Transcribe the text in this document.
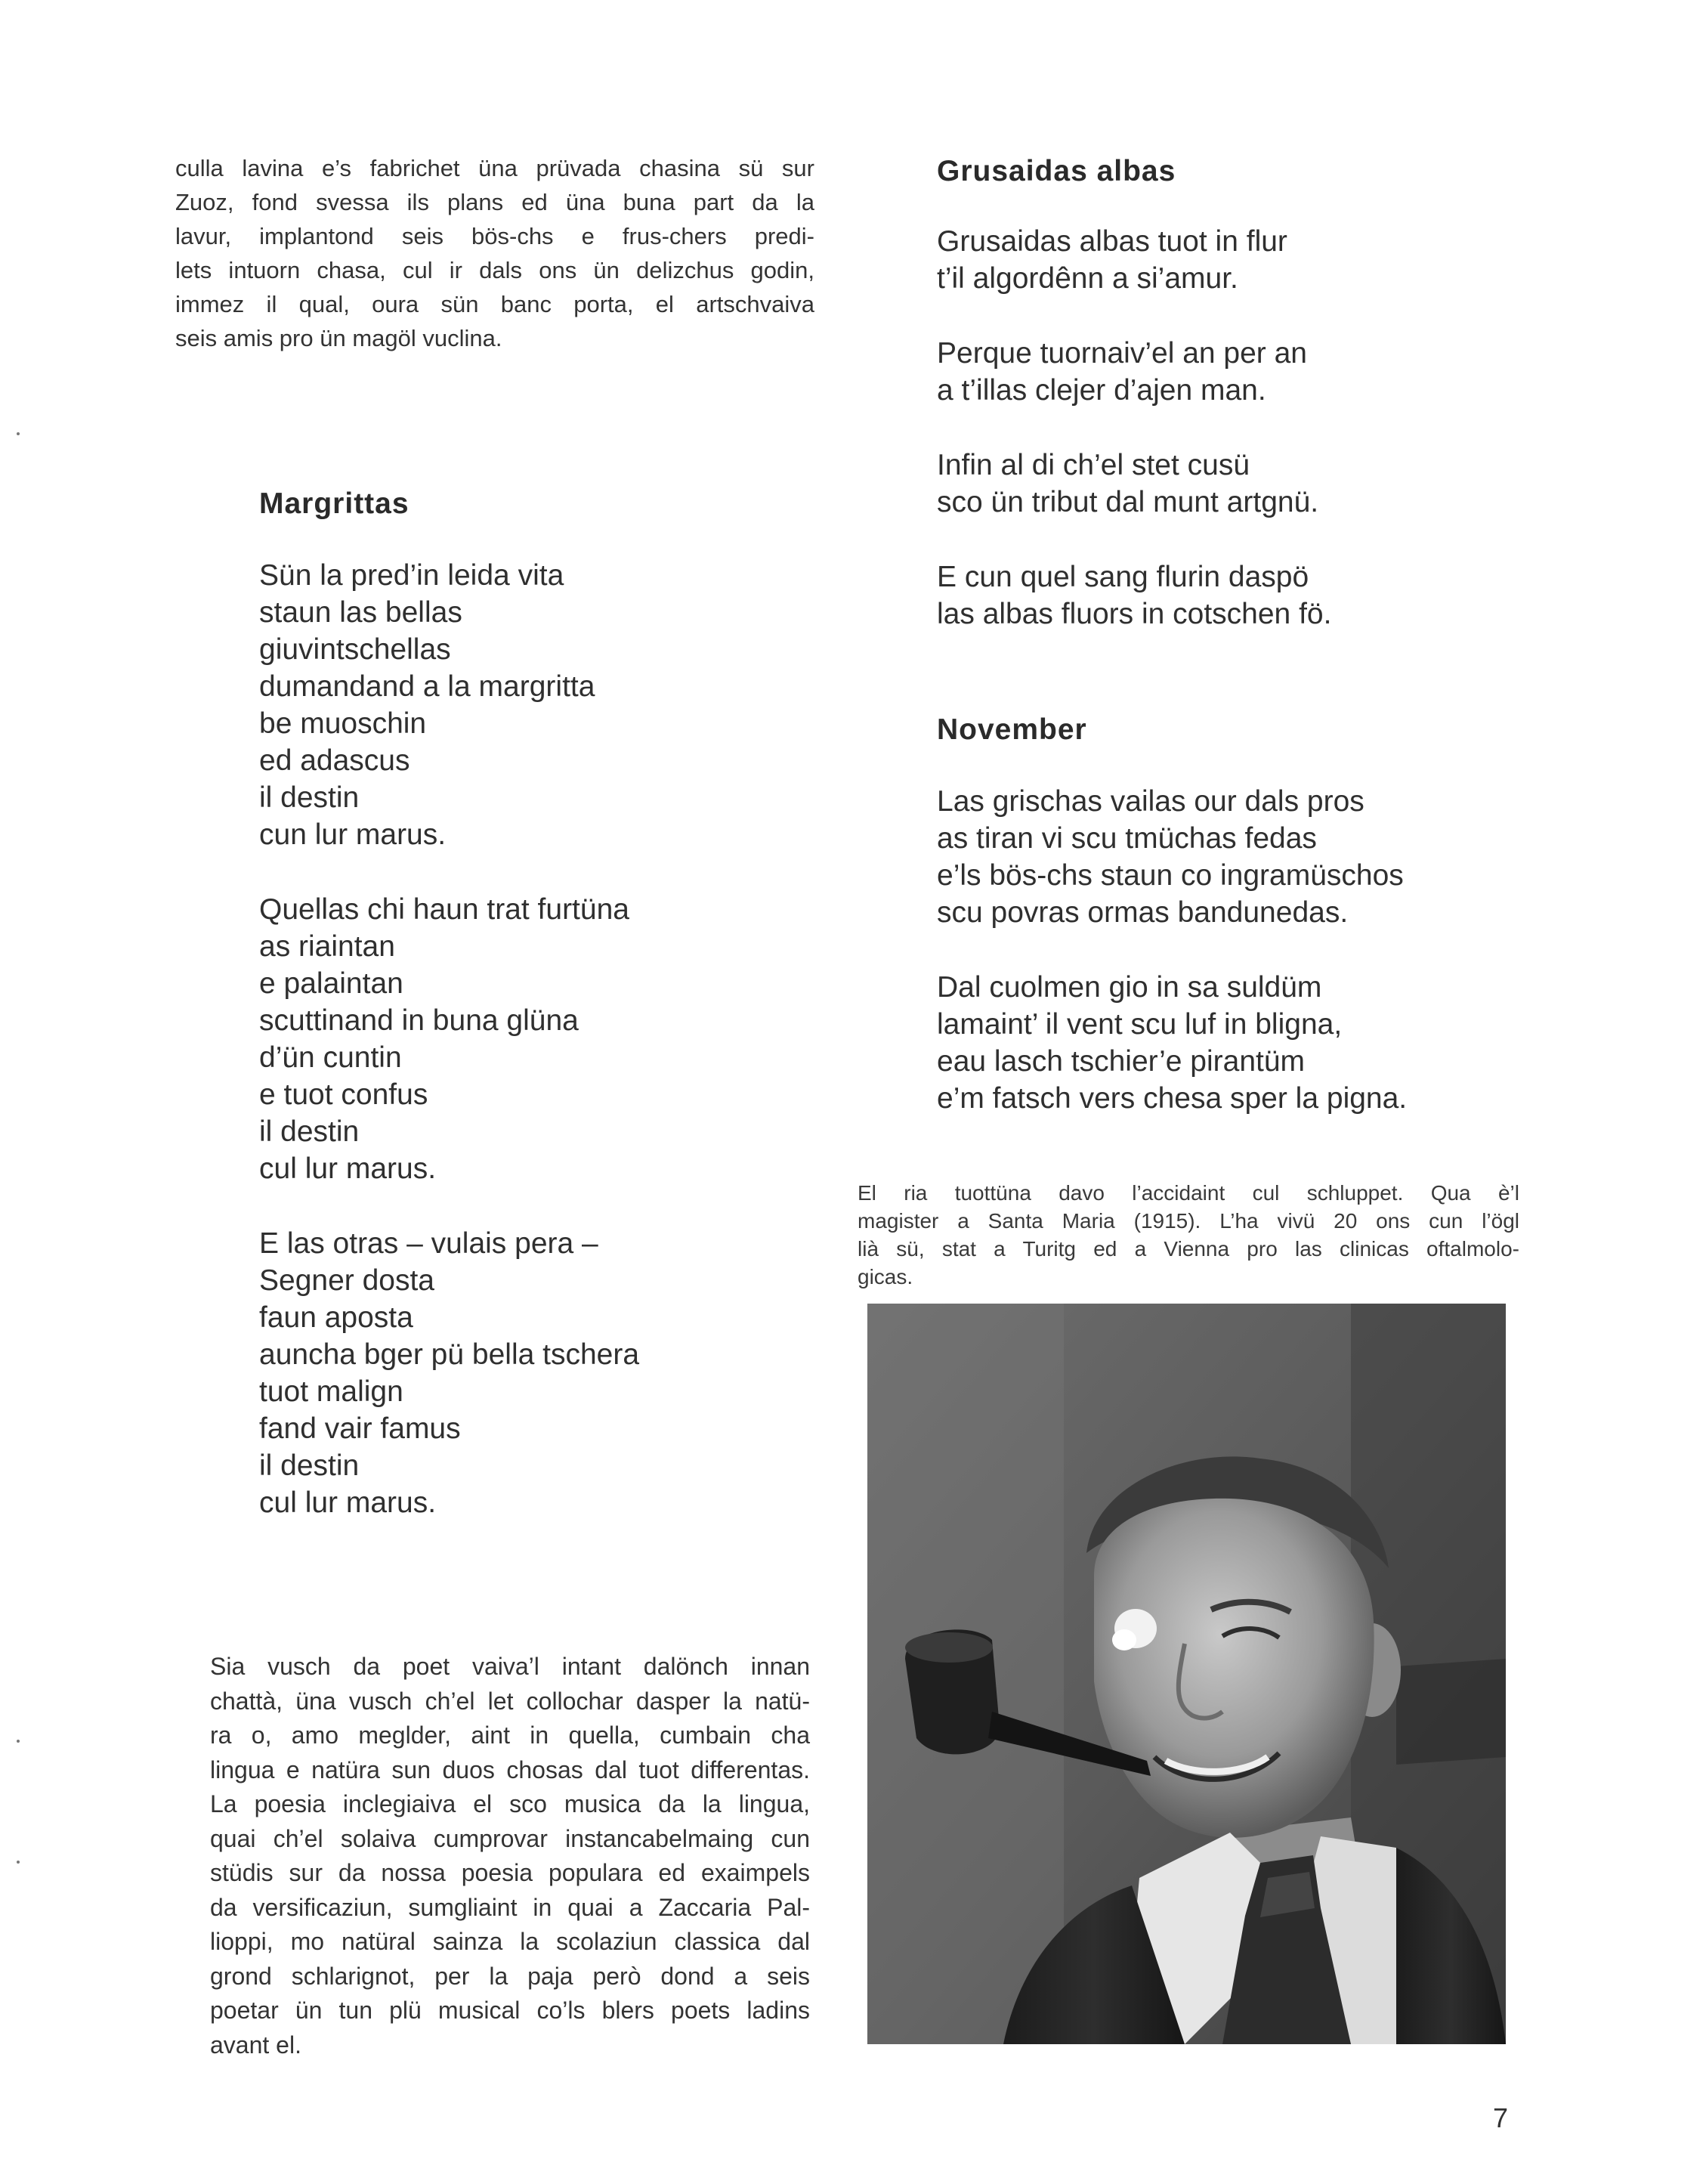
culla lavina e’s fabrichet üna prüvada chasina sü sur
Zuoz, fond svessa ils plans ed üna buna part da la
lavur, implantond seis bös-chs e frus-chers predi-
lets intuorn chasa, cul ir dals ons ün delizchus godin,
immez il qual, oura sün banc porta, el artschvaiva
seis amis pro ün magöl vuclina.
Margrittas
Sün la pred’in leida vita
staun las bellas
giuvintschellas
dumandand a la margritta
be muoschin
ed adascus
il destin
cun lur marus.
Quellas chi haun trat furtüna
as riaintan
e palaintan
scuttinand in buna glüna
d’ün cuntin
e tuot confus
il destin
cul lur marus.
E las otras – vulais pera –
Segner dosta
faun aposta
auncha bger pü bella tschera
tuot malign
fand vair famus
il destin
cul lur marus.
Grusaidas albas
Grusaidas albas tuot in flur
t’il algordênn a si’amur.
Perque tuornaiv’el an per an
a t’illas clejer d’ajen man.
Infin al di ch’el stet cusü
sco ün tribut dal munt artgnü.
E cun quel sang flurin daspö
las albas fluors in cotschen fö.
November
Las grischas vailas our dals pros
as tiran vi scu tmüchas fedas
e’ls bös-chs staun co ingramüschos
scu povras ormas bandunedas.
Dal cuolmen gio in sa suldüm
lamaint’ il vent scu luf in bligna,
eau lasch tschier’e pirantüm
e’m fatsch vers chesa sper la pigna.
El ria tuottüna davo l’accidaint cul schluppet. Qua è’l
magister a Santa Maria (1915). L’ha vivü 20 ons cun l’ögl
lià sü, stat a Turitg ed a Vienna pro las clinicas oftalmolo-
gicas.
Sia vusch da poet vaiva’l intant dalönch innan
chattà, üna vusch ch’el let collochar dasper la natü-
ra o, amo meglder, aint in quella, cumbain cha
lingua e natüra sun duos chosas dal tuot differentas.
La poesia inclegiaiva el sco musica da la lingua,
quai ch’el solaiva cumprovar instancabelmaing cun
stüdis sur da nossa poesia populara ed exaimpels
da versificaziun, sumgliaint in quai a Zaccaria Pal-
lioppi, mo natüral sainza la scolaziun classica dal
grond schlarignot, per la paja però dond a seis
poetar ün tun plü musical co’ls blers poets ladins
avant el.
7
